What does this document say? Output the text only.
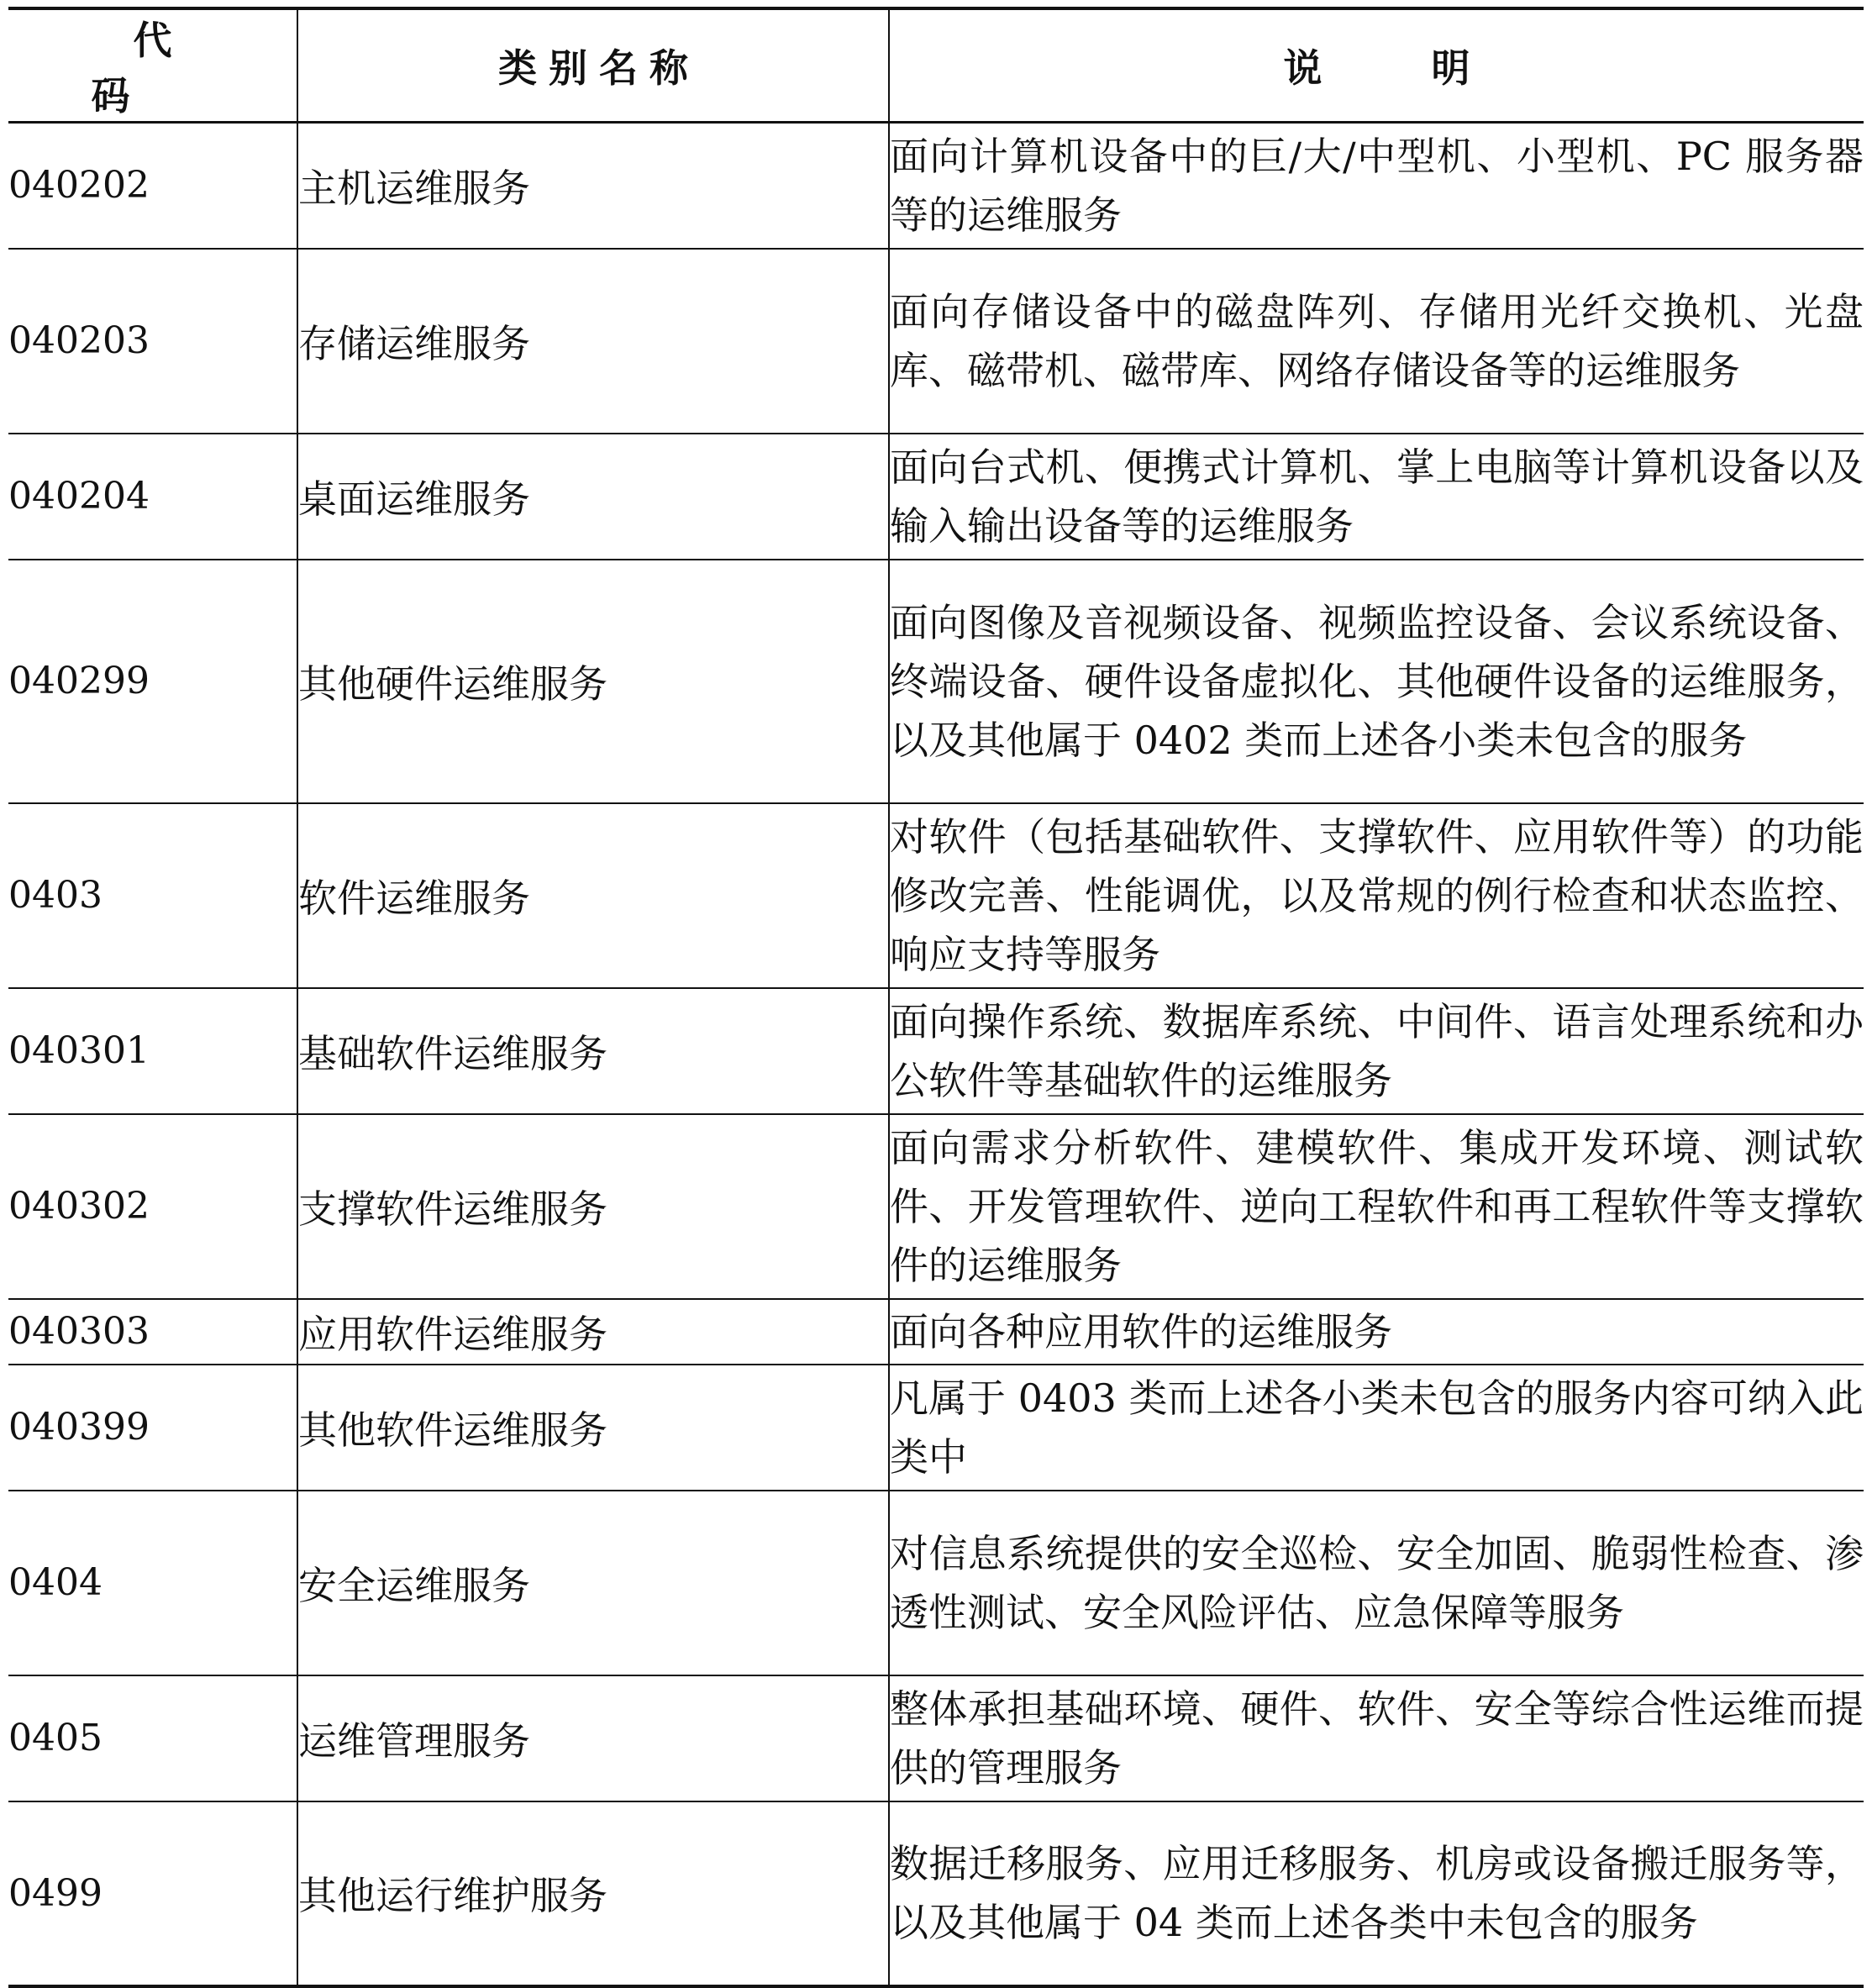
代码	类别名称	说明
040202	主机运维服务	面向计算机设备中的巨/大/中型机、小型机、PC 服务器等的运维服务
040203	存储运维服务	面向存储设备中的磁盘阵列、存储用光纤交换机、光盘库、磁带机、磁带库、网络存储设备等的运维服务
040204	桌面运维服务	面向台式机、便携式计算机、掌上电脑等计算机设备以及输入输出设备等的运维服务
040299	其他硬件运维服务	面向图像及音视频设备、视频监控设备、会议系统设备、终端设备、硬件设备虚拟化、其他硬件设备的运维服务，以及其他属于 0402 类而上述各小类未包含的服务
0403	软件运维服务	对软件（包括基础软件、支撑软件、应用软件等）的功能修改完善、性能调优，以及常规的例行检查和状态监控、响应支持等服务
040301	基础软件运维服务	面向操作系统、数据库系统、中间件、语言处理系统和办公软件等基础软件的运维服务
040302	支撑软件运维服务	面向需求分析软件、建模软件、集成开发环境、测试软件、开发管理软件、逆向工程软件和再工程软件等支撑软件的运维服务
040303	应用软件运维服务	面向各种应用软件的运维服务
040399	其他软件运维服务	凡属于 0403 类而上述各小类未包含的服务内容可纳入此类中
0404	安全运维服务	对信息系统提供的安全巡检、安全加固、脆弱性检查、渗透性测试、安全风险评估、应急保障等服务
0405	运维管理服务	整体承担基础环境、硬件、软件、安全等综合性运维而提供的管理服务
0499	其他运行维护服务	数据迁移服务、应用迁移服务、机房或设备搬迁服务等，以及其他属于 04 类而上述各类中未包含的服务
